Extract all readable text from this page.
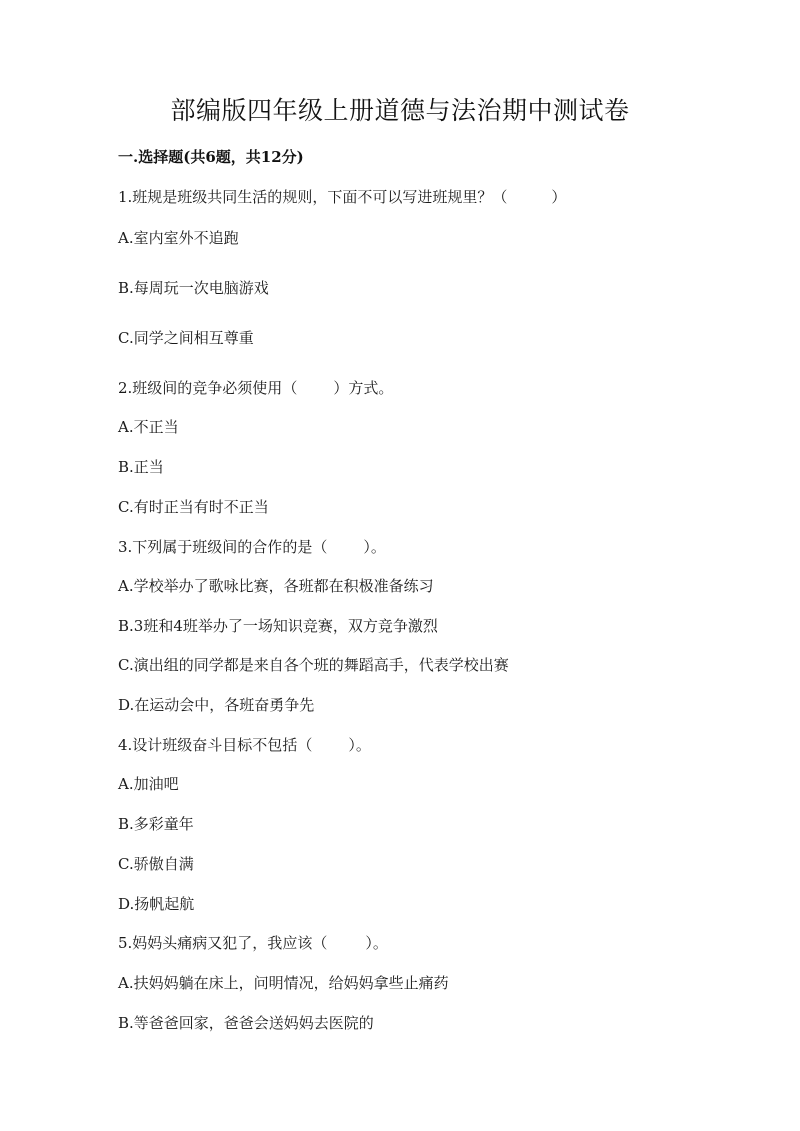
部编版四年级上册道德与法治期中测试卷
一.选择题(共6题，共12分)
1.班规是班级共同生活的规则，下面不可以写进班规里？（	）
A.室内室外不追跑
B.每周玩一次电脑游戏
C.同学之间相互尊重
2.班级间的竞争必须使用（ ）方式。
A.不正当
B.正当
C.有时正当有时不正当
3.下列属于班级间的合作的是（ ）。
A.学校举办了歌咏比赛，各班都在积极准备练习
B.3班和4班举办了一场知识竞赛，双方竞争激烈
C.演出组的同学都是来自各个班的舞蹈高手，代表学校出赛
D.在运动会中，各班奋勇争先
4.设计班级奋斗目标不包括（ ）。
A.加油吧
B.多彩童年
C.骄傲自满
D.扬帆起航
5.妈妈头痛病又犯了，我应该（	）。
A.扶妈妈躺在床上，问明情况，给妈妈拿些止痛药
B.等爸爸回家，爸爸会送妈妈去医院的
